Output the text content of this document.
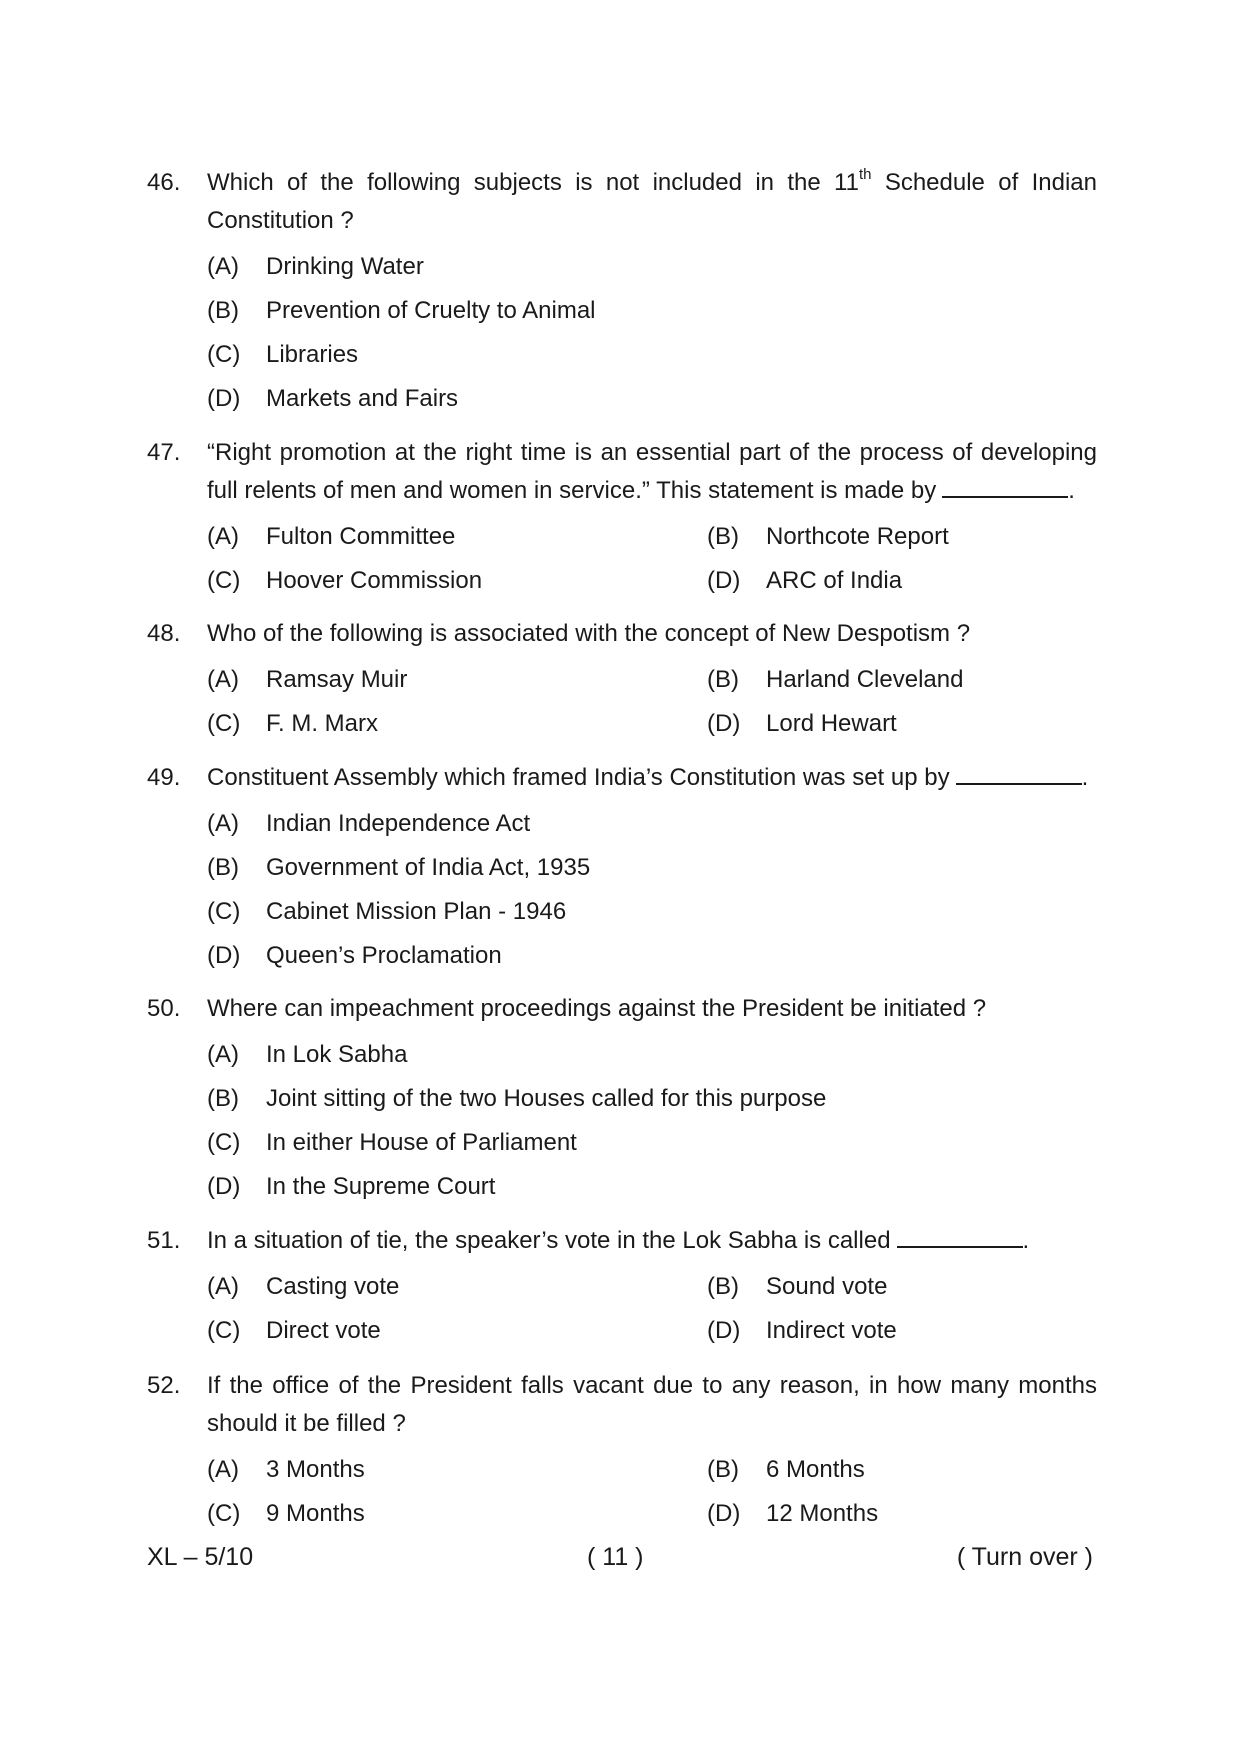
46.	Which of the following subjects is not included in the 11th Schedule of Indian Constitution ?
(A)	Drinking Water
(B)	Prevention of Cruelty to Animal
(C)	Libraries
(D)	Markets and Fairs
47.	“Right promotion at the right time is an essential part of the process of developing full relents of men and women in service.” This statement is made by	.
(A)	Fulton Committee	(B)	Northcote Report
(C)	Hoover Commission	(D)	ARC of India
48.	Who of the following is associated with the concept of New Despotism ?
(A)	Ramsay Muir	(B)	Harland Cleveland
(C)	F. M. Marx	(D)	Lord Hewart
49.	Constituent Assembly which framed India’s Constitution was set up by	.
(A)	Indian Independence Act
(B)	Government of India Act, 1935
(C)	Cabinet Mission Plan - 1946
(D)	Queen’s Proclamation
50.	Where can impeachment proceedings against the President be initiated ?
(A)	In Lok Sabha
(B)	Joint sitting of the two Houses called for this purpose
(C)	In either House of Parliament
(D)	In the Supreme Court
51.	In a situation of tie, the speaker’s vote in the Lok Sabha is called	.
(A)	Casting vote	(B)	Sound vote
(C)	Direct vote	(D)	Indirect vote
52.	If the office of the President falls vacant due to any reason, in how many months should it be filled ?
(A)	3 Months	(B)	6 Months
(C)	9 Months	(D)	12 Months
XL – 5/10	( 11 )	( Turn over )
